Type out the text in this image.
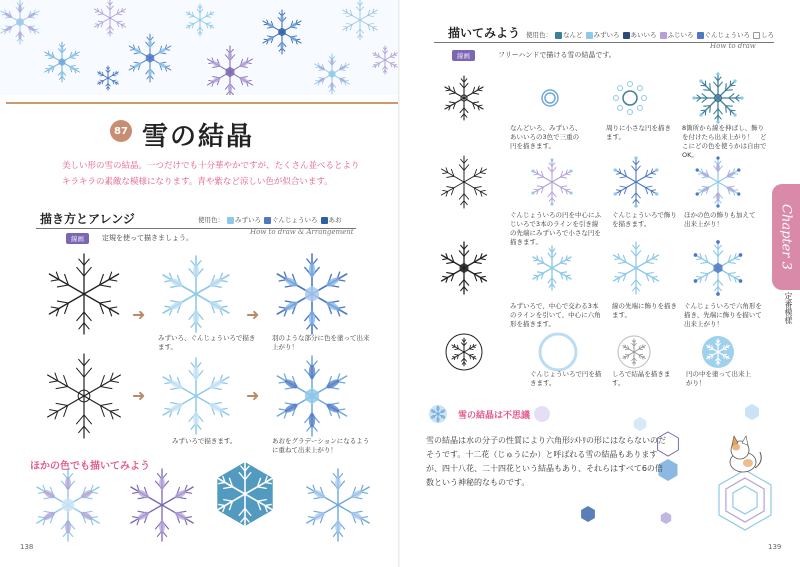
87 雪の結晶
美しい形の雪の結晶。一つだけでも十分華やかですが、たくさん並べるとよりキラキラの素敵な模様になります。青や紫など涼しい色が似合います。
描き方とアレンジ
How to draw & Arrangement
使用色：	みずいろ	ぐんじょういろ	あお
線画	定規を使って描きましょう。
➜	➜
➜	➜
みずいろ、ぐんじょういろで描きます。
羽のような部分に色を塗って出来上がり！
みずいろで描きます。	あおをグラデーションになるように重ねて出来上がり！
ほかの色でも描いてみよう
138
描いてみよう
How to draw
使用色：	なんど	みずいろ	あいいろ	ふじいろ	ぐんじょういろ	しろ
線画	フリーハンドで描ける雪の結晶です。
なんどいろ、みずいろ、あいいろの3色で三重の円を描きます。
周りに小さな円を描きます。
8箇所から線を伸ばし、飾りを付けたら出来上がり！　どこにどの色を使うかは自由でOK。
ぐんじょういろの円を中心にふじいろで3本のラインを引き線の先端にみずいろで小さな円を描きます。
ぐんじょういろで飾りを描きます。
ほかの色の飾りも加えて出来上がり！
みずいろで、中心で交わる3本のラインを引いて、中心に六角形を描きます。
線の先端に飾りを描きます。
ぐんじょういろで六角形を描き、先端に飾りを描いて出来上がり！
ぐんじょういろで円を描きます。
しろで結晶を描きます。
円の中を塗って出来上がり！
雪の結晶は不思議
雪の結晶は水の分子の性質により六角形ｼﾒﾄﾘの形にはならないのだそうです。十二花（じゅうにか）と呼ばれる雪の結晶もありますが、四十八花、二十四花という結晶もあり、それらはすべて6の倍数という神秘的なものです。
Chapter 3
定番模様
139
